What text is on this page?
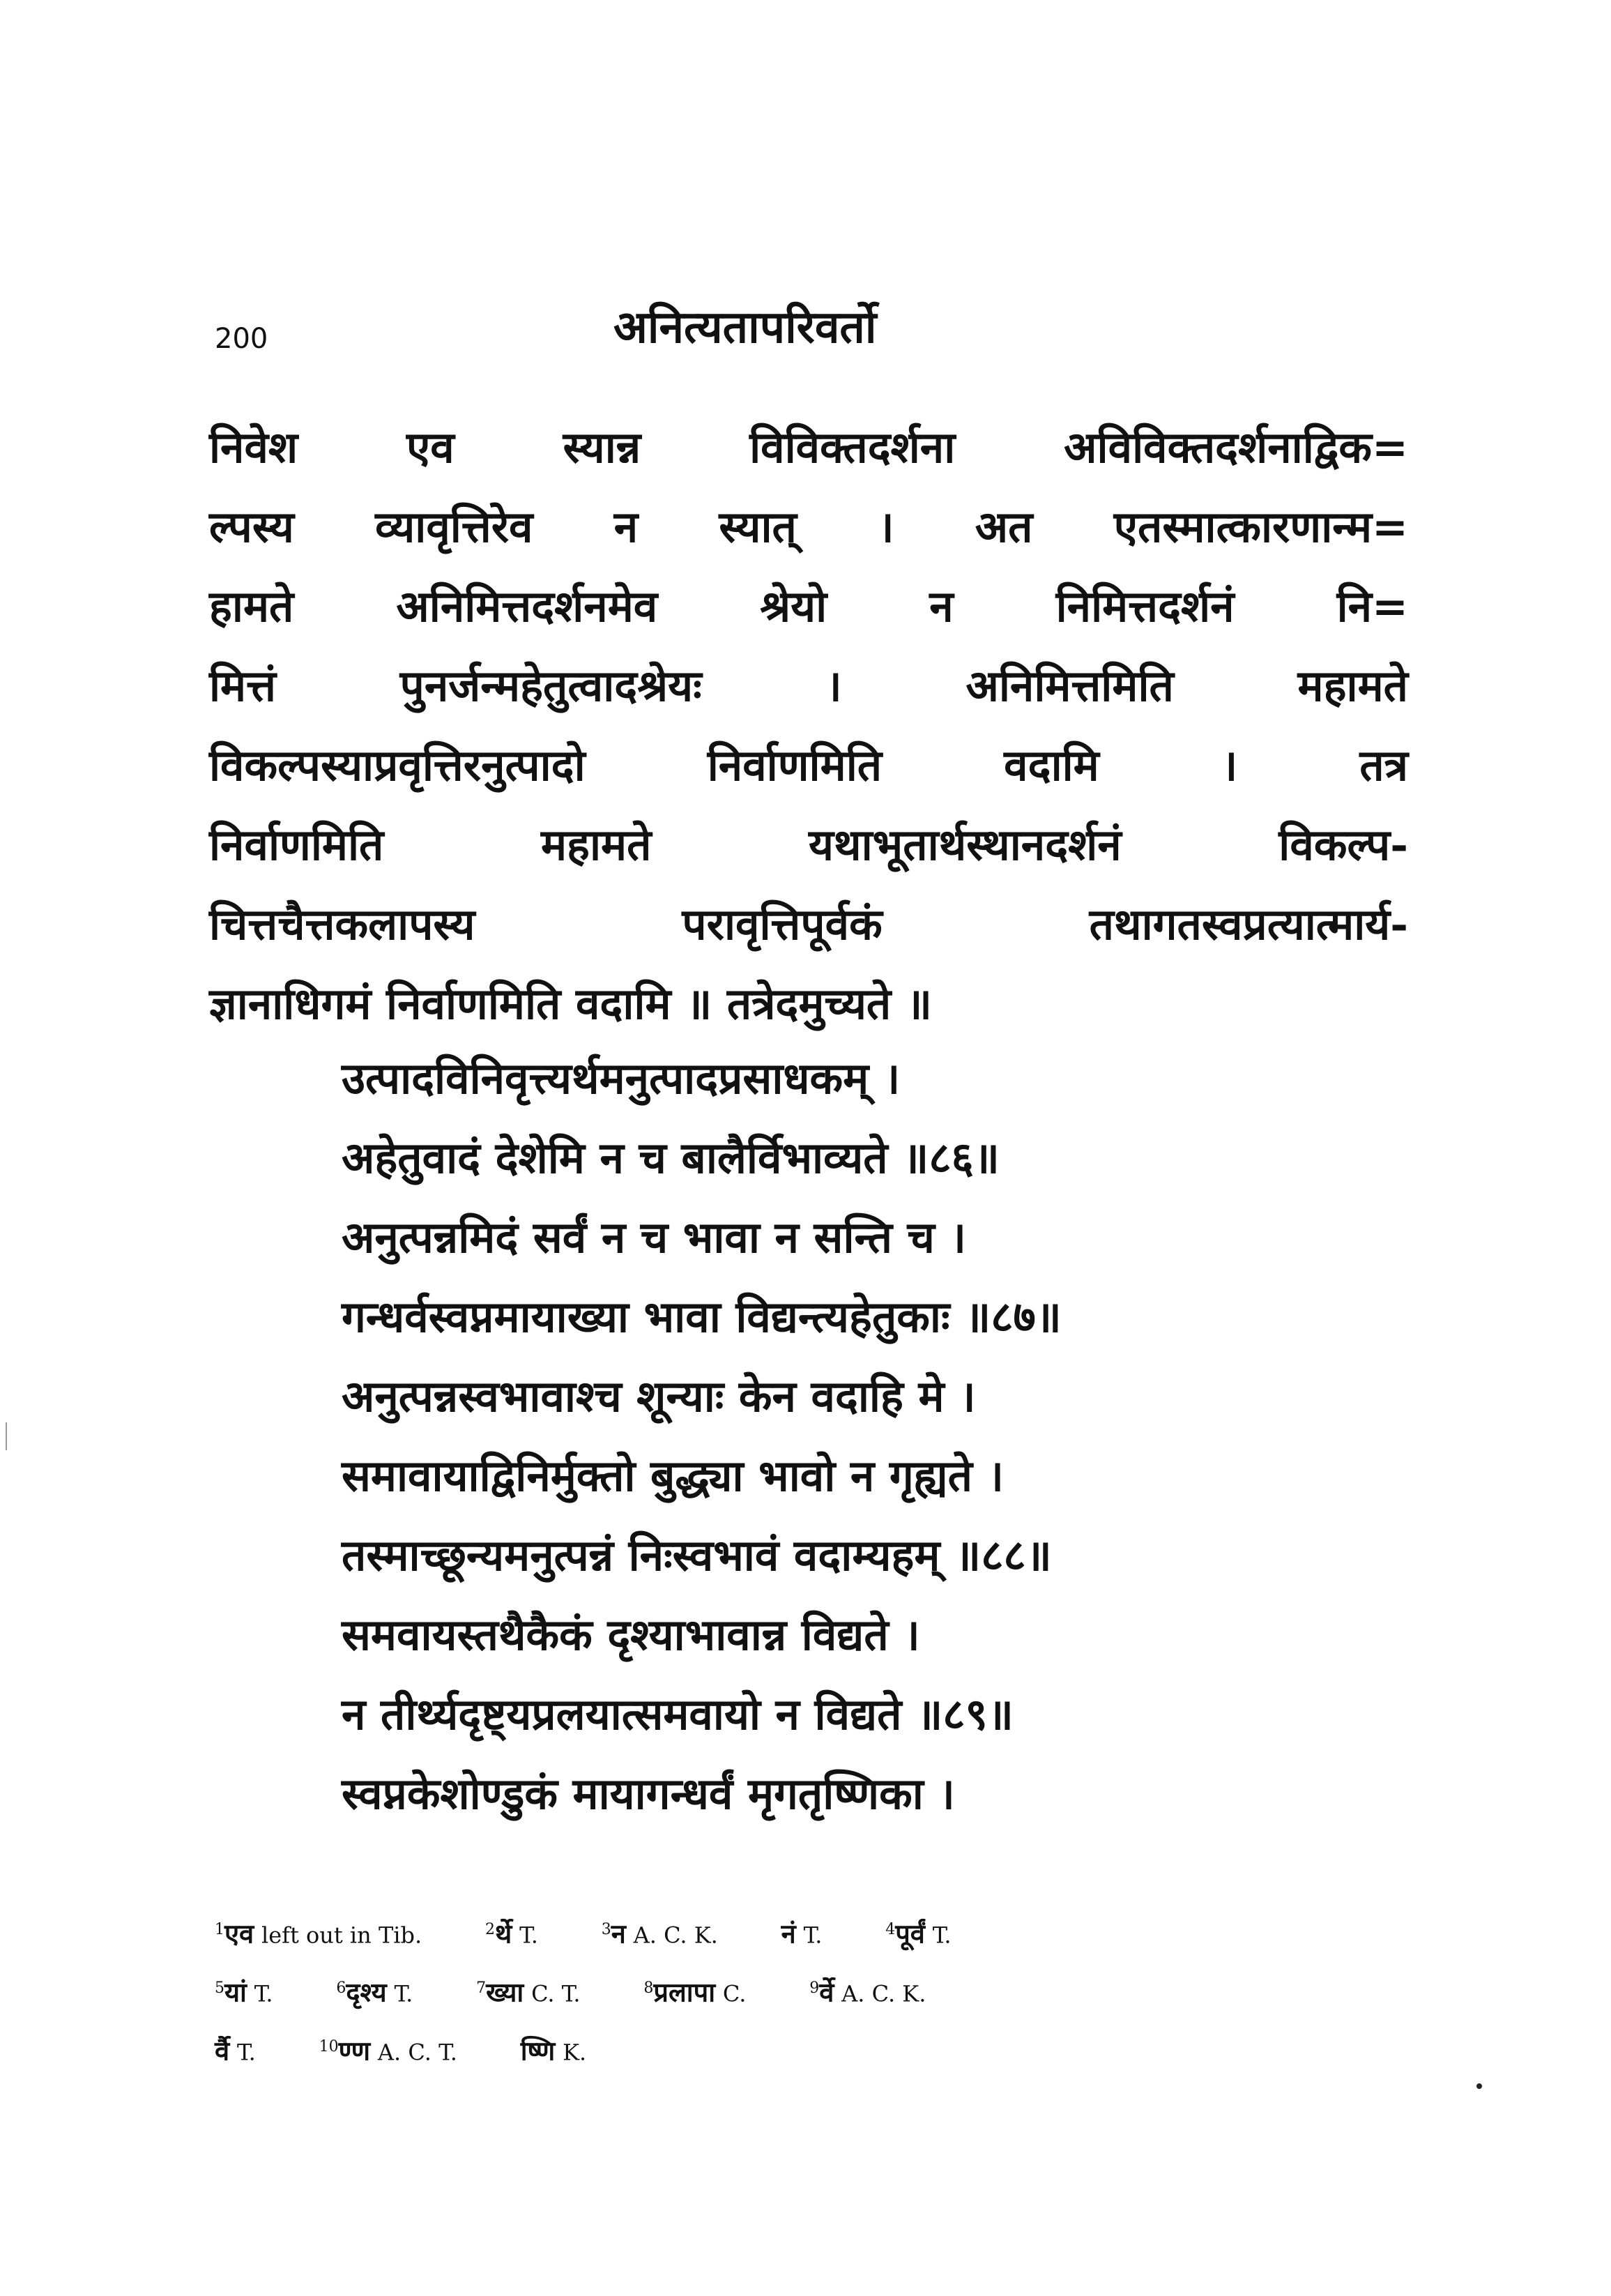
200	अनित्यतापरिवर्तो
निवेश एव स्यान्न विविक्तदर्शना अविविक्तदर्शनाद्विक=
ल्पस्य व्यावृत्तिरेव न स्यात् । अत एतस्मात्कारणान्म=
हामते अनिमित्तदर्शनमेव श्रेयो न निमित्तदर्शनं नि=
मित्तं पुनर्जन्महेतुत्वादश्रेयः । अनिमित्तमिति महामते
विकल्पस्याप्रवृत्तिरनुत्पादो निर्वाणमिति वदामि । तत्र
निर्वाणमिति महामते यथाभूतार्थस्थानदर्शनं विकल्प-
चित्तचैत्तकलापस्य परावृत्तिपूर्वकं तथागतस्वप्रत्यात्मार्य-
ज्ञानाधिगमं निर्वाणमिति वदामि ॥ तत्रेदमुच्यते ॥
उत्पादविनिवृत्त्यर्थमनुत्पादप्रसाधकम् ।
अहेतुवादं देशेमि न च बालैर्विभाव्यते ॥८६॥
अनुत्पन्नमिदं सर्वं न च भावा न सन्ति च ।
गन्धर्वस्वप्नमायाख्या भावा विद्यन्त्यहेतुकाः ॥८७॥
अनुत्पन्नस्वभावाश्च शून्याः केन वदाहि मे ।
समावायाद्विनिर्मुक्तो बुद्ध्या भावो न गृह्यते ।
तस्माच्छून्यमनुत्पन्नं निःस्वभावं वदाम्यहम् ॥८८॥
समवायस्तथैकैकं दृश्याभावान्न विद्यते ।
न तीर्थ्यदृष्ट्यप्रलयात्समवायो न विद्यते ॥८९॥
स्वप्नकेशोण्डुकं मायागन्धर्वं मृगतृष्णिका ।
$^1$एव left out in Tib.	$^2$र्थे T.	$^3$न A. C. K. नं T.	$^4$पूर्वं T.
$^5$यां T.	$^6$दृश्य T.	$^7$ख्या C. T.	$^8$प्रलापा C.	$^9$र्वे A. C. K.
र्वै T.	$^{10}$ण्ण A. C. T. ष्णि K.
